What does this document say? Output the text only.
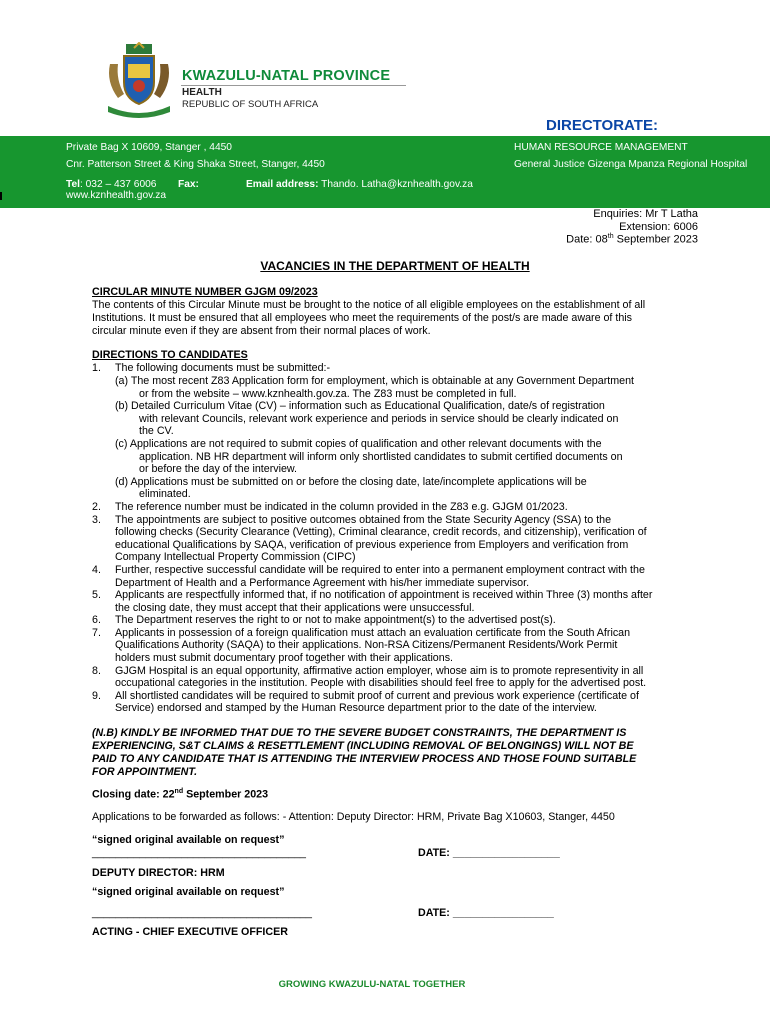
KWAZULU-NATAL PROVINCE
HEALTH
REPUBLIC OF SOUTH AFRICA
DIRECTORATE:
Private Bag X 10609, Stanger , 4450
Cnr. Patterson Street & King Shaka Street, Stanger, 4450
Tel: 032 – 437 6006 Fax:	Email address: Thando. Latha@kznhealth.gov.za
www.kznhealth.gov.za
HUMAN RESOURCE MANAGEMENT
General Justice Gizenga Mpanza Regional Hospital
Enquiries: Mr T Latha
Extension: 6006
Date: 08th September 2023
VACANCIES IN THE DEPARTMENT OF HEALTH
CIRCULAR MINUTE NUMBER GJGM 09/2023
The contents of this Circular Minute must be brought to the notice of all eligible employees on the establishment of all
Institutions. It must be ensured that all employees who meet the requirements of the post/s are made aware of this
circular minute even if they are absent from their normal places of work.
DIRECTIONS TO CANDIDATES
1. The following documents must be submitted:-
(a) The most recent Z83 Application form for employment, which is obtainable at any Government Department
or from the website – www.kznhealth.gov.za. The Z83 must be completed in full.
(b) Detailed Curriculum Vitae (CV) – information such as Educational Qualification, date/s of registration
with relevant Councils, relevant work experience and periods in service should be clearly indicated on
the CV.
(c) Applications are not required to submit copies of qualification and other relevant documents with the
application. NB HR department will inform only shortlisted candidates to submit certified documents on
or before the day of the interview.
(d) Applications must be submitted on or before the closing date, late/incomplete applications will be
eliminated.
2. The reference number must be indicated in the column provided in the Z83 e.g. GJGM 01/2023.
3. The appointments are subject to positive outcomes obtained from the State Security Agency (SSA) to the
following checks (Security Clearance (Vetting), Criminal clearance, credit records, and citizenship), verification of
educational Qualifications by SAQA, verification of previous experience from Employers and verification from
Company Intellectual Property Commission (CIPC)
4. Further, respective successful candidate will be required to enter into a permanent employment contract with the
Department of Health and a Performance Agreement with his/her immediate supervisor.
5. Applicants are respectfully informed that, if no notification of appointment is received within Three (3) months after
the closing date, they must accept that their applications were unsuccessful.
6. The Department reserves the right to or not to make appointment(s) to the advertised post(s).
7. Applicants in possession of a foreign qualification must attach an evaluation certificate from the South African
Qualifications Authority (SAQA) to their applications. Non-RSA Citizens/Permanent Residents/Work Permit
holders must submit documentary proof together with their applications.
8. GJGM Hospital is an equal opportunity, affirmative action employer, whose aim is to promote representivity in all
occupational categories in the institution. People with disabilities should feel free to apply for the advertised post.
9. All shortlisted candidates will be required to submit proof of current and previous work experience (certificate of
Service) endorsed and stamped by the Human Resource department prior to the date of the interview.
(N.B) KINDLY BE INFORMED THAT DUE TO THE SEVERE BUDGET CONSTRAINTS, THE DEPARTMENT IS
EXPERIENCING, S&T CLAIMS & RESETTLEMENT (INCLUDING REMOVAL OF BELONGINGS) WILL NOT BE
PAID TO ANY CANDIDATE THAT IS ATTENDING THE INTERVIEW PROCESS AND THOSE FOUND SUITABLE
FOR APPOINTMENT.
Closing date: 22nd September 2023
Applications to be forwarded as follows: - Attention: Deputy Director: HRM, Private Bag X10603, Stanger, 4450
“signed original available on request”
____________________________________	DATE: __________________
DEPUTY DIRECTOR: HRM
“signed original available on request”
_____________________________________	DATE: _________________
ACTING - CHIEF EXECUTIVE OFFICER
GROWING KWAZULU-NATAL TOGETHER
